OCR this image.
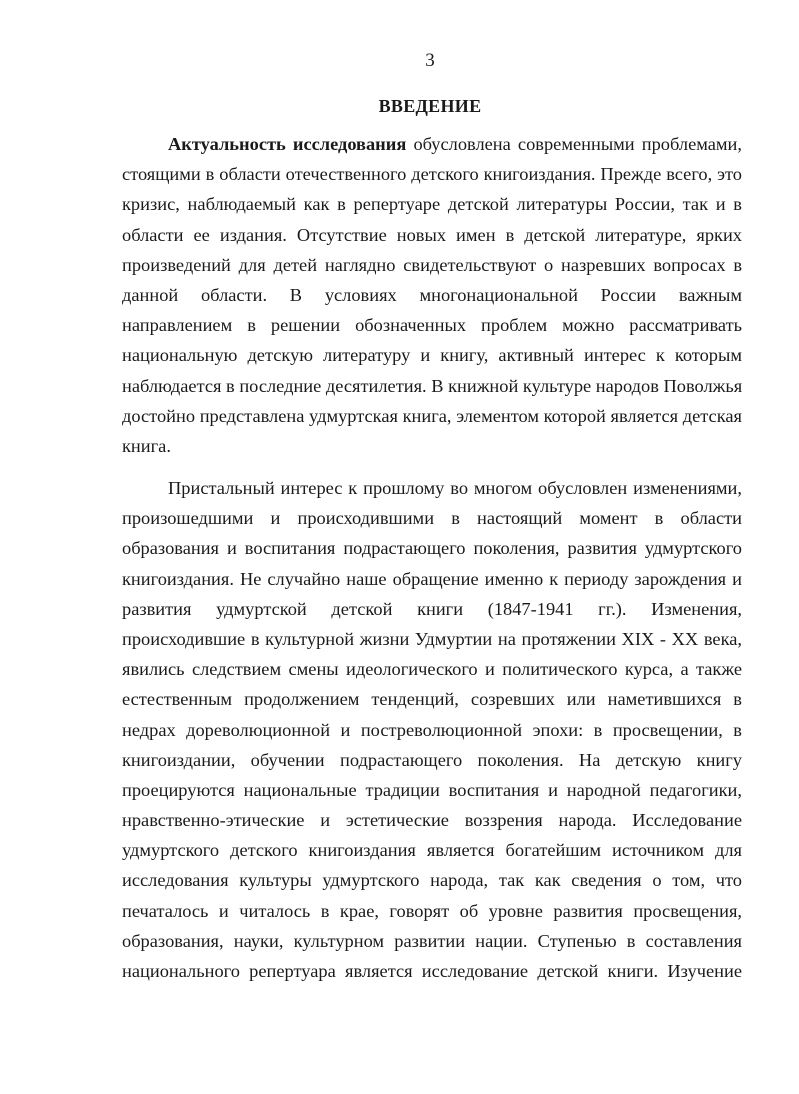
3
ВВЕДЕНИЕ
Актуальность исследования обусловлена современными проблемами,
стоящими в области отечественного детского книгоиздания. Прежде всего, это
кризис, наблюдаемый как в репертуаре детской литературы России, так и в
области ее издания. Отсутствие новых имен в детской литературе, ярких
произведений для детей наглядно свидетельствуют о назревших вопросах в
данной области. В условиях многонациональной России важным
направлением в решении обозначенных проблем можно рассматривать
национальную детскую литературу и книгу, активный интерес к которым
наблюдается в последние десятилетия. В книжной культуре народов Поволжья
достойно представлена удмуртская книга, элементом которой является детская
книга.
Пристальный интерес к прошлому во многом обусловлен изменениями,
произошедшими и происходившими в настоящий момент в области
образования и воспитания подрастающего поколения, развития удмуртского
книгоиздания. Не случайно наше обращение именно к периоду зарождения и
развития удмуртской детской книги (1847-1941 гг.). Изменения,
происходившие в культурной жизни Удмуртии на протяжении XIX - XX века,
явились следствием смены идеологического и политического курса, а также
естественным продолжением тенденций, созревших или наметившихся в
недрах дореволюционной и постреволюционной эпохи: в просвещении, в
книгоиздании, обучении подрастающего поколения. На детскую книгу
проецируются национальные традиции воспитания и народной педагогики,
нравственно-этические и эстетические воззрения народа. Исследование
удмуртского детского книгоиздания является богатейшим источником для
исследования культуры удмуртского народа, так как сведения о том, что
печаталось и читалось в крае, говорят об уровне развития просвещения,
образования, науки, культурном развитии нации. Ступенью в составления
национального репертуара является исследование детской книги. Изучение
